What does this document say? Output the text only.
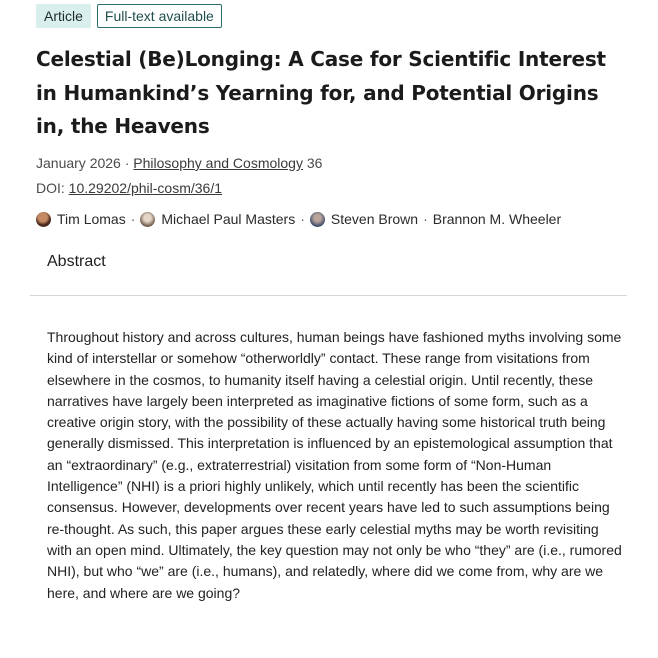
Article	Full-text available
Celestial (Be)Longing: A Case for Scientific Interest in Humankind’s Yearning for, and Potential Origins in, the Heavens
January 2026 · Philosophy and Cosmology 36
DOI: 10.29202/phil-cosm/36/1
Tim Lomas · Michael Paul Masters · Steven Brown · Brannon M. Wheeler
Abstract

Throughout history and across cultures, human beings have fashioned myths involving some kind of interstellar or somehow “otherworldly” contact. These range from visitations from elsewhere in the cosmos, to humanity itself having a celestial origin. Until recently, these narratives have largely been interpreted as imaginative fictions of some form, such as a creative origin story, with the possibility of these actually having some historical truth being generally dismissed. This interpretation is influenced by an epistemological assumption that an “extraordinary” (e.g., extraterrestrial) visitation from some form of “Non-Human Intelligence” (NHI) is a priori highly unlikely, which until recently has been the scientific consensus. However, developments over recent years have led to such assumptions being re-thought. As such, this paper argues these early celestial myths may be worth revisiting with an open mind. Ultimately, the key question may not only be who “they” are (i.e., rumored NHI), but who “we” are (i.e., humans), and relatedly, where did we come from, why are we here, and where are we going?
